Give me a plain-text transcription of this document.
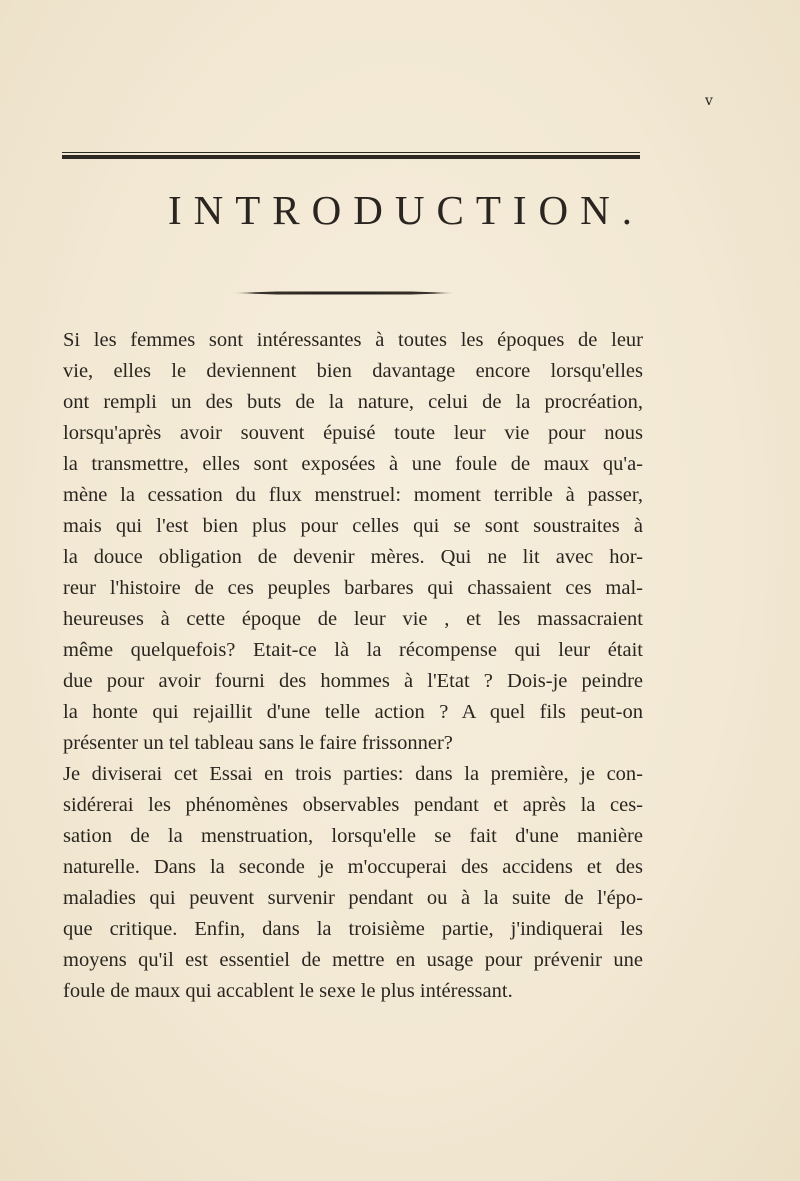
v
INTRODUCTION.
Si les femmes sont intéressantes à toutes les époques de leur
vie, elles le deviennent bien davantage encore lorsqu'elles
ont rempli un des buts de la nature, celui de la procréation,
lorsqu'après avoir souvent épuisé toute leur vie pour nous
la transmettre, elles sont exposées à une foule de maux qu'a-
mène la cessation du flux menstruel: moment terrible à passer,
mais qui l'est bien plus pour celles qui se sont soustraites à
la douce obligation de devenir mères. Qui ne lit avec hor-
reur l'histoire de ces peuples barbares qui chassaient ces mal-
heureuses à cette époque de leur vie , et les massacraient
même quelquefois? Etait-ce là la récompense qui leur était
due pour avoir fourni des hommes à l'Etat ? Dois-je peindre
la honte qui rejaillit d'une telle action ? A quel fils peut-on
présenter un tel tableau sans le faire frissonner?
Je diviserai cet Essai en trois parties: dans la première, je con-
sidérerai les phénomènes observables pendant et après la ces-
sation de la menstruation, lorsqu'elle se fait d'une manière
naturelle. Dans la seconde je m'occuperai des accidens et des
maladies qui peuvent survenir pendant ou à la suite de l'épo-
que critique. Enfin, dans la troisième partie, j'indiquerai les
moyens qu'il est essentiel de mettre en usage pour prévenir une
foule de maux qui accablent le sexe le plus intéressant.
